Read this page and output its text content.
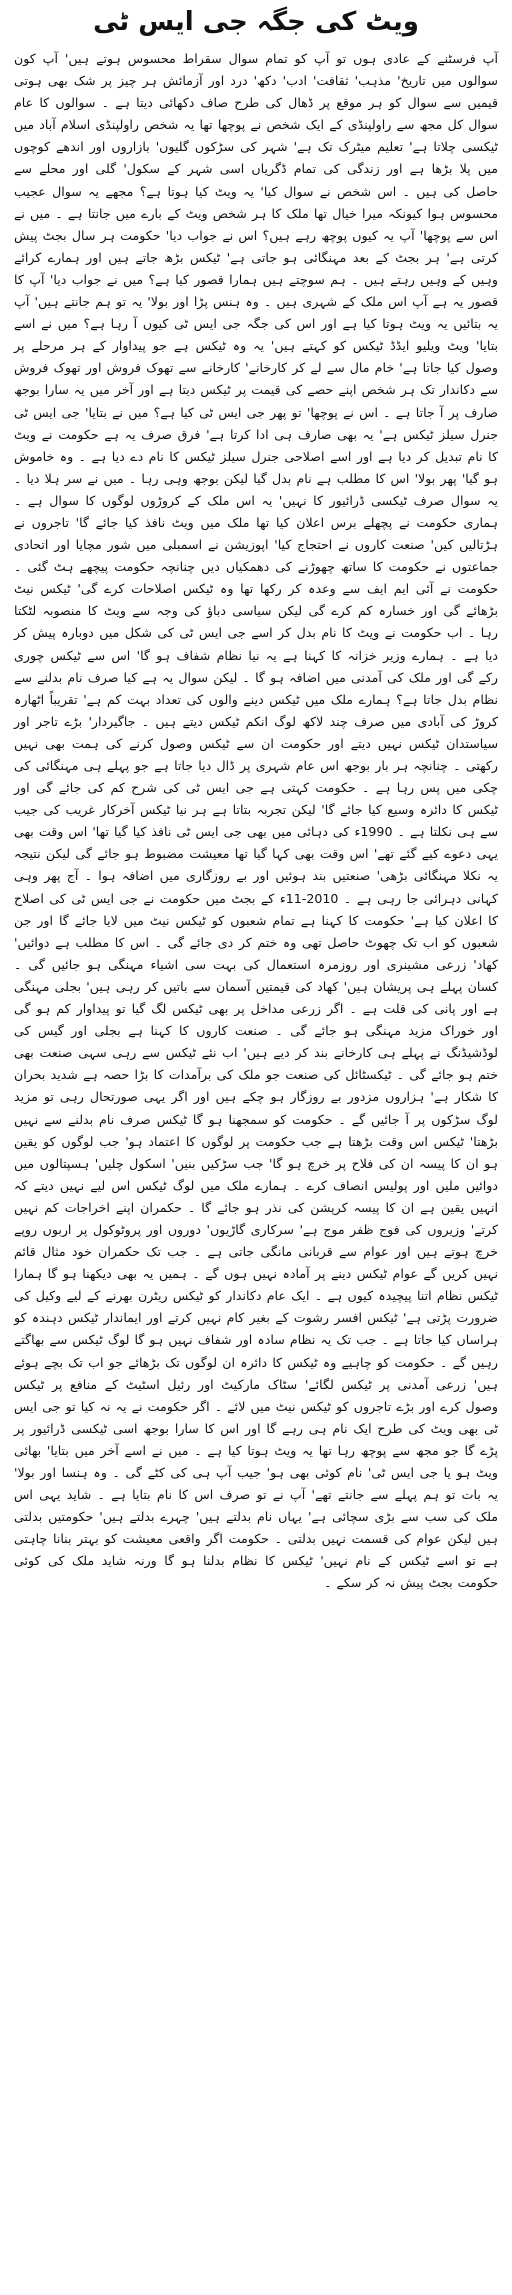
ویٹ کی جگہ جی ایس ٹی

آپ فرسٹنے کے عادی ہوں تو آپ کو تمام سوال سقراط محسوس ہوتے ہیں' آپ کون سوالوں میں تاریخ' مذہب' ثقافت' ادب' دکھ' درد اور آزمائش ہر چیز پر شک بھی ہوتی قیمیں سے سوال کو ہر موقع پر ڈھال کی طرح صاف دکھائی دیتا ہے ۔ سوالوں کا عام سوال کل مجھ سے راولپنڈی کے ایک شخص نے پوچھا تھا یہ شخص راولپنڈی اسلام آباد میں ٹیکسی چلاتا ہے' تعلیم میٹرک تک ہے' شہر کی سڑکوں گلیوں' بازاروں اور اندھے کوچوں میں پلا بڑھا ہے اور زندگی کی تمام ڈگریاں اسی شہر کے سکول' گلی اور محلے سے حاصل کی ہیں ۔ اس شخص نے سوال کیا' یہ ویٹ کیا ہوتا ہے؟ مجھے یہ سوال عجیب محسوس ہوا کیونکہ میرا خیال تھا ملک کا ہر شخص ویٹ کے بارے میں جانتا ہے ۔ میں نے اس سے پوچھا' آپ یہ کیوں پوچھ رہے ہیں؟ اس نے جواب دیا' حکومت ہر سال بجٹ پیش کرتی ہے' ہر بجٹ کے بعد مہنگائی ہو جاتی ہے' ٹیکس بڑھ جاتے ہیں اور ہمارے کرائے وہیں کے وہیں رہتے ہیں ۔ ہم سوچتے ہیں ہمارا قصور کیا ہے؟ میں نے جواب دیا' آپ کا قصور یہ ہے آپ اس ملک کے شہری ہیں ۔ وہ ہنس پڑا اور بولا' یہ تو ہم جانتے ہیں' آپ یہ بتائیں یہ ویٹ ہوتا کیا ہے اور اس کی جگہ جی ایس ٹی کیوں آ رہا ہے؟ میں نے اسے بتایا' ویٹ ویلیو ایڈڈ ٹیکس کو کہتے ہیں' یہ وہ ٹیکس ہے جو پیداوار کے ہر مرحلے پر وصول کیا جاتا ہے' خام مال سے لے کر کارخانے' کارخانے سے تھوک فروش اور تھوک فروش سے دکاندار تک ہر شخص اپنے حصے کی قیمت پر ٹیکس دیتا ہے اور آخر میں یہ سارا بوجھ صارف پر آ جاتا ہے ۔ اس نے پوچھا' تو پھر جی ایس ٹی کیا ہے؟ میں نے بتایا' جی ایس ٹی جنرل سیلز ٹیکس ہے' یہ بھی صارف ہی ادا کرتا ہے' فرق صرف یہ ہے حکومت نے ویٹ کا نام تبدیل کر دیا ہے اور اسے اصلاحی جنرل سیلز ٹیکس کا نام دے دیا ہے ۔ وہ خاموش ہو گیا' پھر بولا' اس کا مطلب ہے نام بدل گیا لیکن بوجھ وہی رہا ۔ میں نے سر ہلا دیا ۔ یہ سوال صرف ٹیکسی ڈرائیور کا نہیں' یہ اس ملک کے کروڑوں لوگوں کا سوال ہے ۔ ہماری حکومت نے پچھلے برس اعلان کیا تھا ملک میں ویٹ نافذ کیا جائے گا' تاجروں نے ہڑتالیں کیں' صنعت کاروں نے احتجاج کیا' اپوزیشن نے اسمبلی میں شور مچایا اور اتحادی جماعتوں نے حکومت کا ساتھ چھوڑنے کی دھمکیاں دیں چنانچہ حکومت پیچھے ہٹ گئی ۔ حکومت نے آئی ایم ایف سے وعدہ کر رکھا تھا وہ ٹیکس اصلاحات کرے گی' ٹیکس نیٹ بڑھائے گی اور خسارہ کم کرے گی لیکن سیاسی دباؤ کی وجہ سے ویٹ کا منصوبہ لٹکتا رہا ۔ اب حکومت نے ویٹ کا نام بدل کر اسے جی ایس ٹی کی شکل میں دوبارہ پیش کر دیا ہے ۔ ہمارے وزیر خزانہ کا کہنا ہے یہ نیا نظام شفاف ہو گا' اس سے ٹیکس چوری رکے گی اور ملک کی آمدنی میں اضافہ ہو گا ۔ لیکن سوال یہ ہے کیا صرف نام بدلنے سے نظام بدل جاتا ہے؟ ہمارے ملک میں ٹیکس دینے والوں کی تعداد بہت کم ہے' تقریباً اٹھارہ کروڑ کی آبادی میں صرف چند لاکھ لوگ انکم ٹیکس دیتے ہیں ۔ جاگیردار' بڑے تاجر اور سیاستدان ٹیکس نہیں دیتے اور حکومت ان سے ٹیکس وصول کرنے کی ہمت بھی نہیں رکھتی ۔ چنانچہ ہر بار بوجھ اس عام شہری پر ڈال دیا جاتا ہے جو پہلے ہی مہنگائی کی چکی میں پس رہا ہے ۔ حکومت کہتی ہے جی ایس ٹی کی شرح کم کی جائے گی اور ٹیکس کا دائرہ وسیع کیا جائے گا' لیکن تجربہ بتاتا ہے ہر نیا ٹیکس آخرکار غریب کی جیب سے ہی نکلتا ہے ۔ 1990ء کی دہائی میں بھی جی ایس ٹی نافذ کیا گیا تھا' اس وقت بھی یہی دعوے کیے گئے تھے' اس وقت بھی کہا گیا تھا معیشت مضبوط ہو جائے گی لیکن نتیجہ یہ نکلا مہنگائی بڑھی' صنعتیں بند ہوئیں اور بے روزگاری میں اضافہ ہوا ۔ آج پھر وہی کہانی دہرائی جا رہی ہے ۔ 2010-11ء کے بجٹ میں حکومت نے جی ایس ٹی کی اصلاح کا اعلان کیا ہے' حکومت کا کہنا ہے تمام شعبوں کو ٹیکس نیٹ میں لایا جائے گا اور جن شعبوں کو اب تک چھوٹ حاصل تھی وہ ختم کر دی جائے گی ۔ اس کا مطلب ہے دوائیں' کھاد' زرعی مشینری اور روزمرہ استعمال کی بہت سی اشیاء مہنگی ہو جائیں گی ۔ کسان پہلے ہی پریشان ہیں' کھاد کی قیمتیں آسمان سے باتیں کر رہی ہیں' بجلی مہنگی ہے اور پانی کی قلت ہے ۔ اگر زرعی مداخل پر بھی ٹیکس لگ گیا تو پیداوار کم ہو گی اور خوراک مزید مہنگی ہو جائے گی ۔ صنعت کاروں کا کہنا ہے بجلی اور گیس کی لوڈشیڈنگ نے پہلے ہی کارخانے بند کر دیے ہیں' اب نئے ٹیکس سے رہی سہی صنعت بھی ختم ہو جائے گی ۔ ٹیکسٹائل کی صنعت جو ملک کی برآمدات کا بڑا حصہ ہے شدید بحران کا شکار ہے' ہزاروں مزدور بے روزگار ہو چکے ہیں اور اگر یہی صورتحال رہی تو مزید لوگ سڑکوں پر آ جائیں گے ۔ حکومت کو سمجھنا ہو گا ٹیکس صرف نام بدلنے سے نہیں بڑھتا' ٹیکس اس وقت بڑھتا ہے جب حکومت پر لوگوں کا اعتماد ہو' جب لوگوں کو یقین ہو ان کا پیسہ ان کی فلاح پر خرچ ہو گا' جب سڑکیں بنیں' اسکول چلیں' ہسپتالوں میں دوائیں ملیں اور پولیس انصاف کرے ۔ ہمارے ملک میں لوگ ٹیکس اس لیے نہیں دیتے کہ انہیں یقین ہے ان کا پیسہ کرپشن کی نذر ہو جائے گا ۔ حکمران اپنے اخراجات کم نہیں کرتے' وزیروں کی فوج ظفر موج ہے' سرکاری گاڑیوں' دوروں اور پروٹوکول پر اربوں روپے خرچ ہوتے ہیں اور عوام سے قربانی مانگی جاتی ہے ۔ جب تک حکمران خود مثال قائم نہیں کریں گے عوام ٹیکس دینے پر آمادہ نہیں ہوں گے ۔ ہمیں یہ بھی دیکھنا ہو گا ہمارا ٹیکس نظام اتنا پیچیدہ کیوں ہے ۔ ایک عام دکاندار کو ٹیکس ریٹرن بھرنے کے لیے وکیل کی ضرورت پڑتی ہے' ٹیکس افسر رشوت کے بغیر کام نہیں کرتے اور ایماندار ٹیکس دہندہ کو ہراساں کیا جاتا ہے ۔ جب تک یہ نظام سادہ اور شفاف نہیں ہو گا لوگ ٹیکس سے بھاگتے رہیں گے ۔ حکومت کو چاہیے وہ ٹیکس کا دائرہ ان لوگوں تک بڑھائے جو اب تک بچے ہوئے ہیں' زرعی آمدنی پر ٹیکس لگائے' سٹاک مارکیٹ اور رئیل اسٹیٹ کے منافع پر ٹیکس وصول کرے اور بڑے تاجروں کو ٹیکس نیٹ میں لائے ۔ اگر حکومت نے یہ نہ کیا تو جی ایس ٹی بھی ویٹ کی طرح ایک نام ہی رہے گا اور اس کا سارا بوجھ اسی ٹیکسی ڈرائیور پر پڑے گا جو مجھ سے پوچھ رہا تھا یہ ویٹ ہوتا کیا ہے ۔ میں نے اسے آخر میں بتایا' بھائی ویٹ ہو یا جی ایس ٹی' نام کوئی بھی ہو' جیب آپ ہی کی کٹے گی ۔ وہ ہنسا اور بولا' یہ بات تو ہم پہلے سے جانتے تھے' آپ نے تو صرف اس کا نام بتایا ہے ۔ شاید یہی اس ملک کی سب سے بڑی سچائی ہے' یہاں نام بدلتے ہیں' چہرے بدلتے ہیں' حکومتیں بدلتی ہیں لیکن عوام کی قسمت نہیں بدلتی ۔ حکومت اگر واقعی معیشت کو بہتر بنانا چاہتی ہے تو اسے ٹیکس کے نام نہیں' ٹیکس کا نظام بدلنا ہو گا ورنہ شاید ملک کی کوئی حکومت بجٹ پیش نہ کر سکے ۔
